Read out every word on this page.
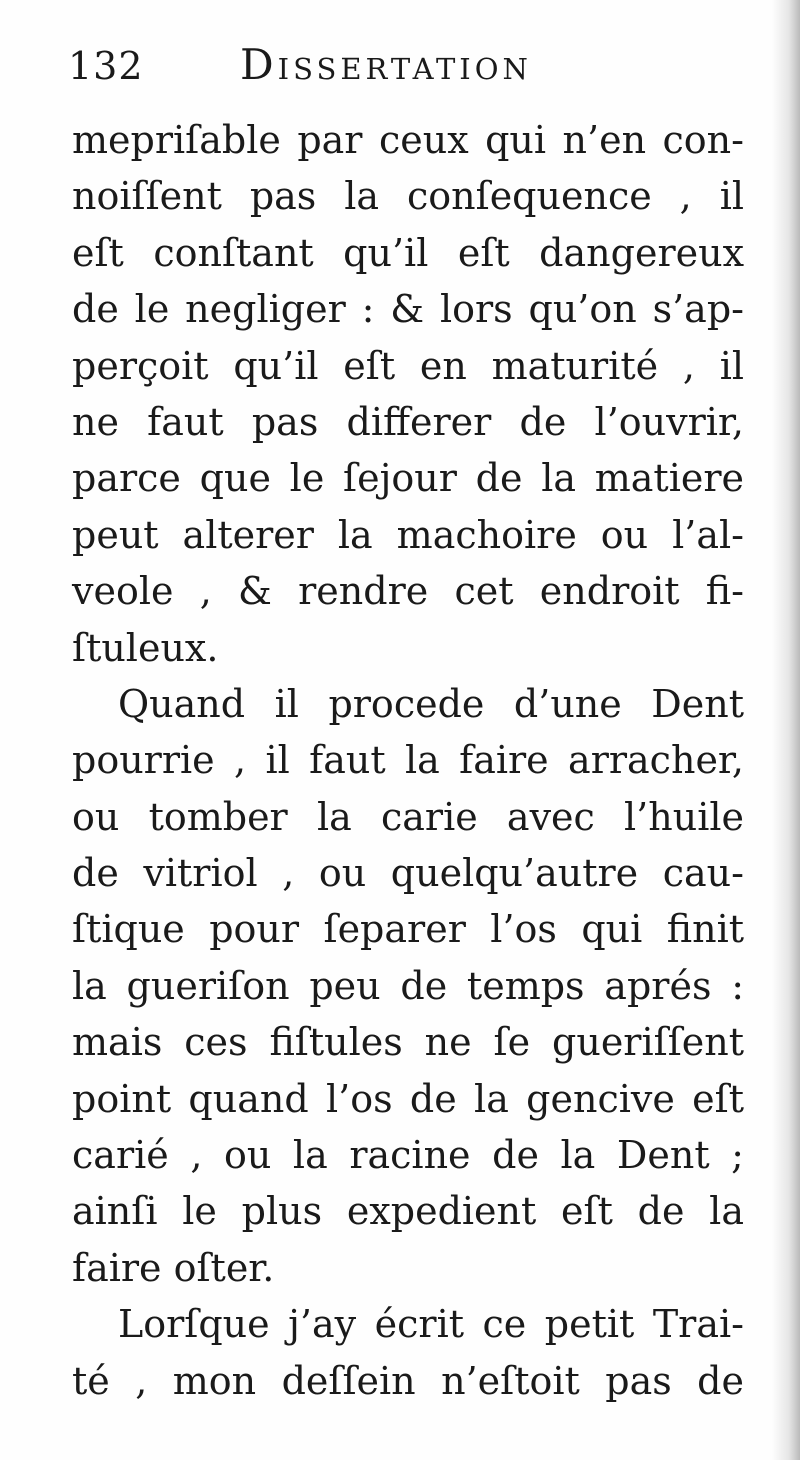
132 Dissertation
mepriſable par ceux qui n’en con-
noiſſent pas la conſequence , il
eſt conſtant qu’il eſt dangereux
de le negliger : & lors qu’on s’ap-
perçoit qu’il eſt en maturité , il
ne faut pas differer de l’ouvrir,
parce que le ſejour de la matiere
peut alterer la machoire ou l’al-
veole , & rendre cet endroit fi-
ſtuleux.
Quand il procede d’une Dent
pourrie , il faut la faire arracher,
ou tomber la carie avec l’huile
de vitriol , ou quelqu’autre cau-
ſtique pour ſeparer l’os qui finit
la gueriſon peu de temps aprés :
mais ces fiſtules ne ſe gueriſſent
point quand l’os de la gencive eſt
carié , ou la racine de la Dent ;
ainſi le plus expedient eſt de la
faire oſter.
Lorſque j’ay écrit ce petit Trai-
té , mon deſſein n’eſtoit pas de
